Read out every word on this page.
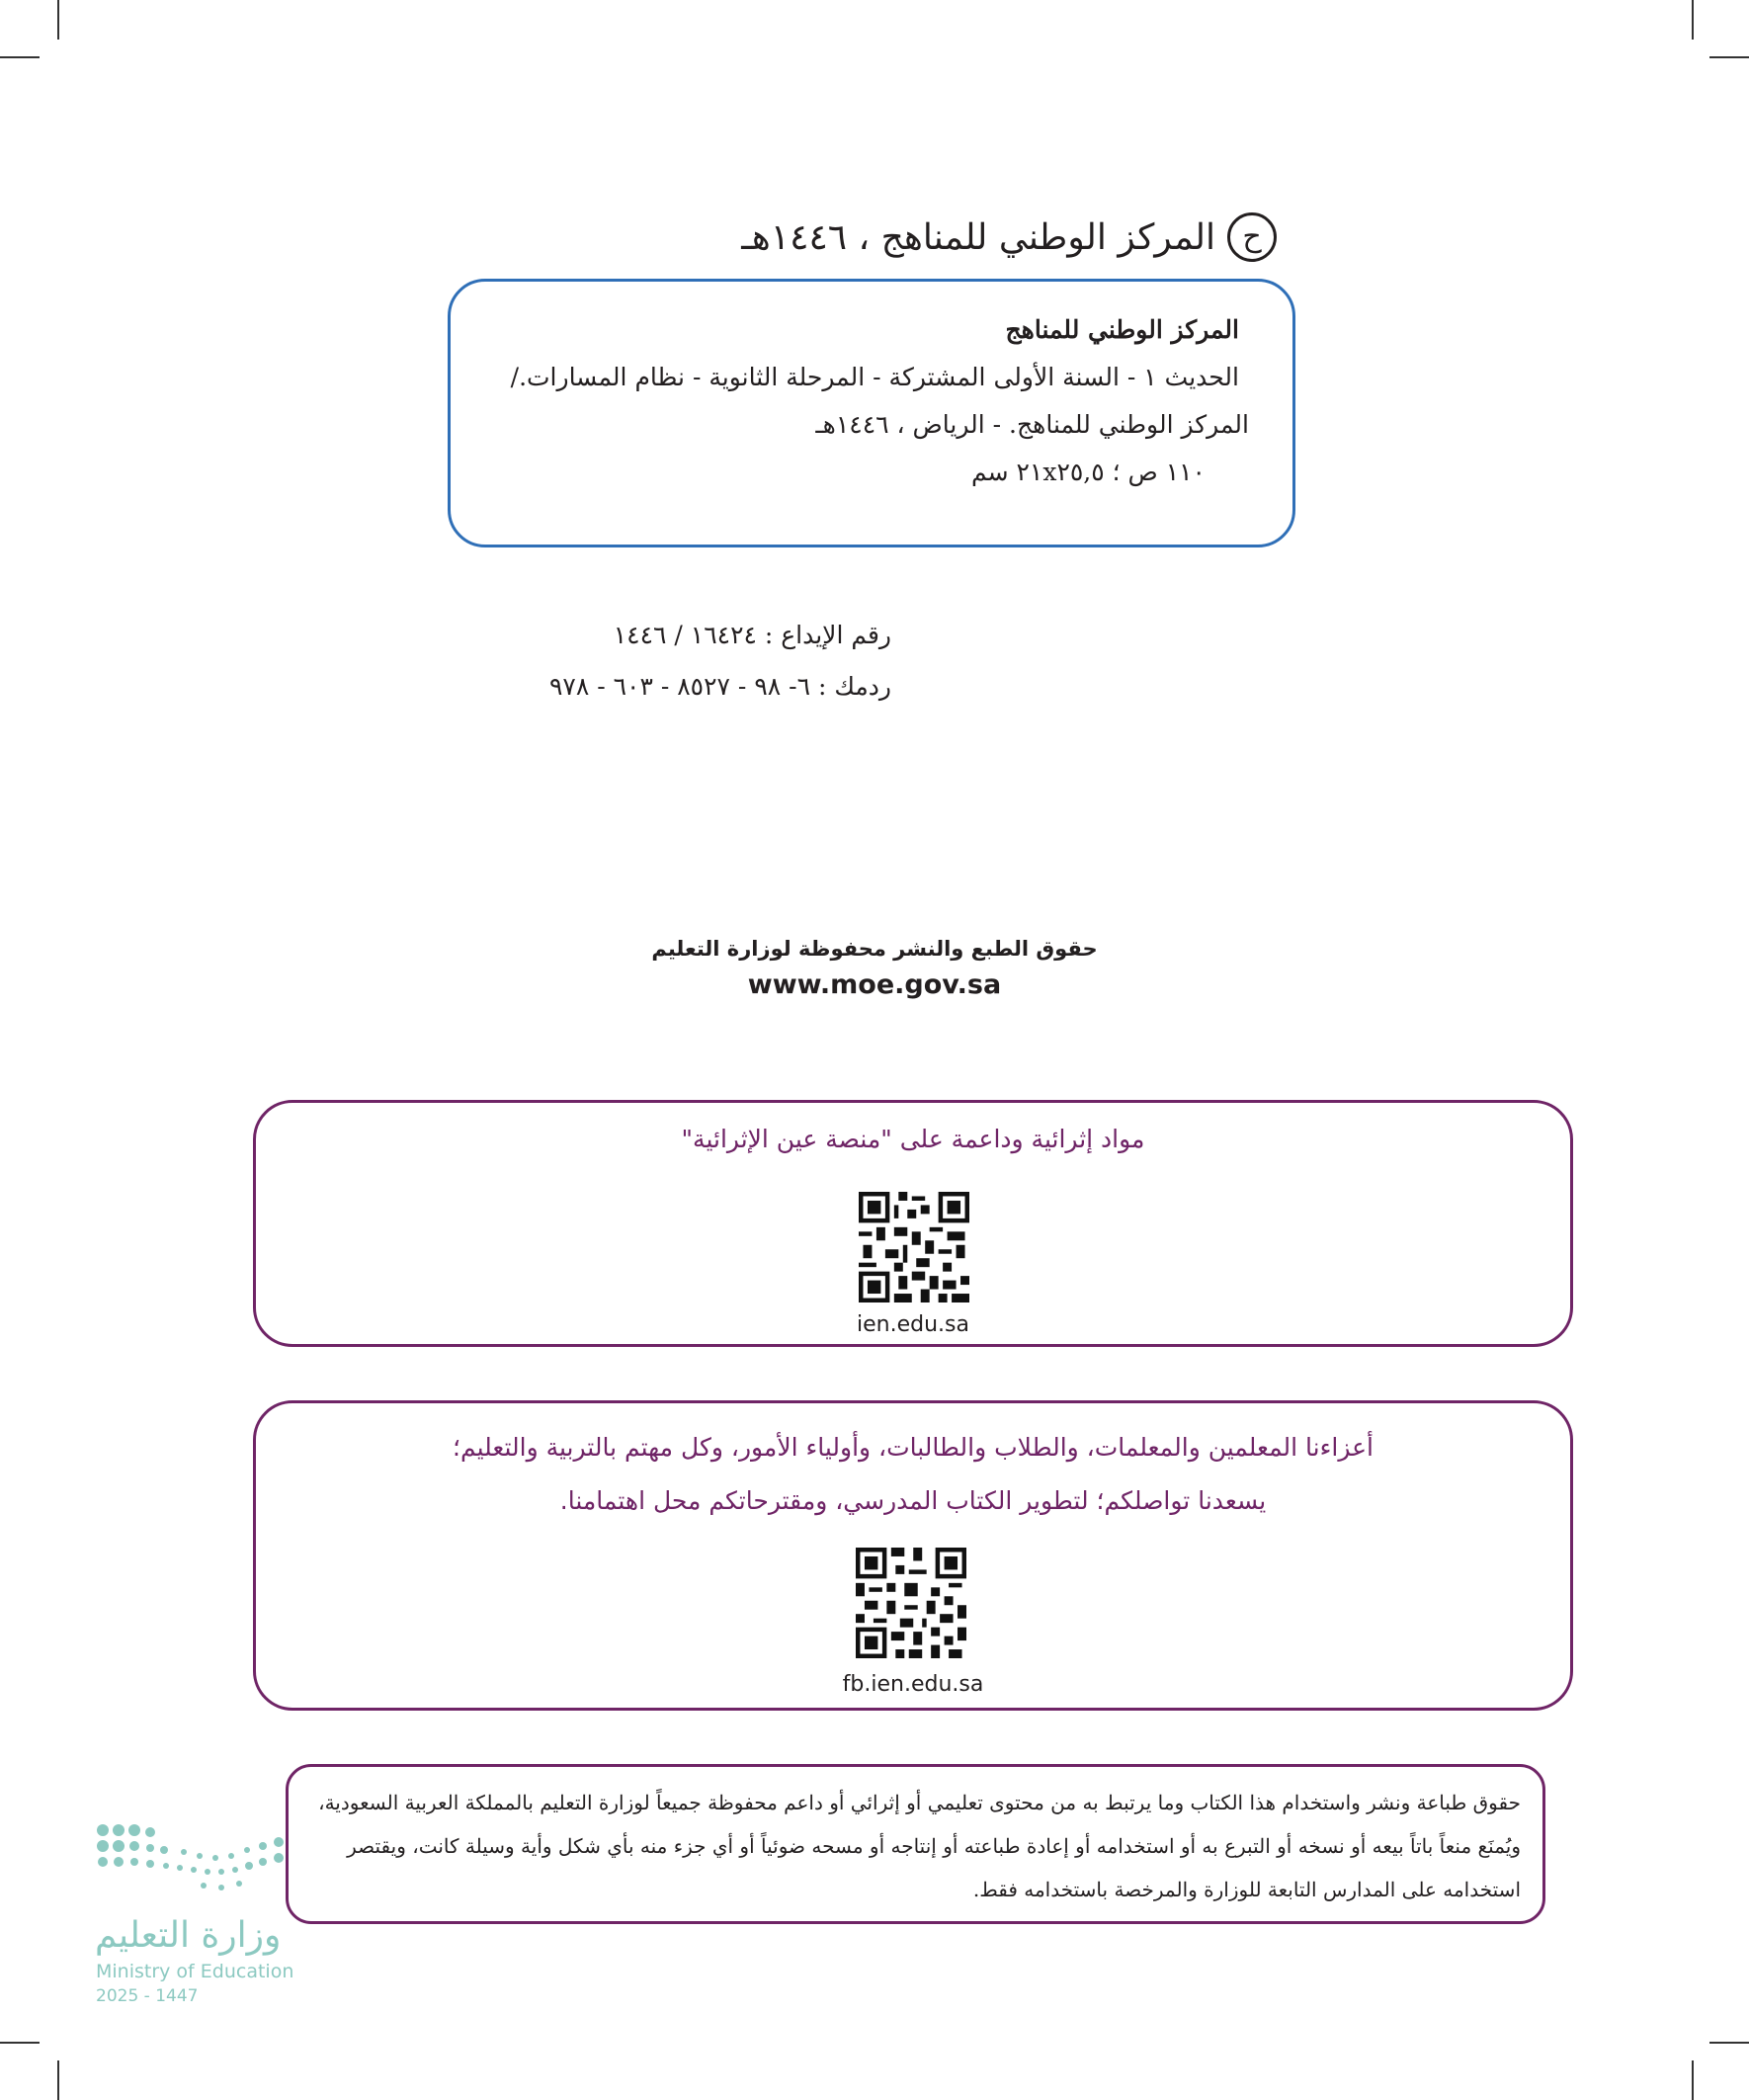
ح
المركز الوطني للمناهج ، ١٤٤٦هـ
المركز الوطني للمناهج
الحديث ١ - السنة الأولى المشتركة - المرحلة الثانوية - نظام المسارات./
المركز الوطني للمناهج. - الرياض ، ١٤٤٦هـ
١١٠ ص ؛ ٢١x٢٥,٥ سم
رقم الإيداع : ١٦٤٢٤ / ١٤٤٦
ردمك : ٦- ٩٨ - ٨٥٢٧ - ٦٠٣ - ٩٧٨
حقوق الطبع والنشر محفوظة لوزارة التعليم
www.moe.gov.sa
مواد إثرائية وداعمة على "منصة عين الإثرائية"
ien.edu.sa
أعزاءنا المعلمين والمعلمات، والطلاب والطالبات، وأولياء الأمور، وكل مهتم بالتربية والتعليم؛
يسعدنا تواصلكم؛ لتطوير الكتاب المدرسي، ومقترحاتكم محل اهتمامنا.
fb.ien.edu.sa
وزارة التعليم
Ministry of Education
2025 - 1447
حقوق طباعة ونشر واستخدام هذا الكتاب وما يرتبط به من محتوى تعليمي أو إثرائي أو داعم محفوظة جميعاً لوزارة التعليم بالمملكة العربية السعودية،
ويُمنَع منعاً باتاً بيعه أو نسخه أو التبرع به أو استخدامه أو إعادة طباعته أو إنتاجه أو مسحه ضوئياً أو أي جزء منه بأي شكل وأية وسيلة كانت، ويقتصر
استخدامه على المدارس التابعة للوزارة والمرخصة باستخدامه فقط.
